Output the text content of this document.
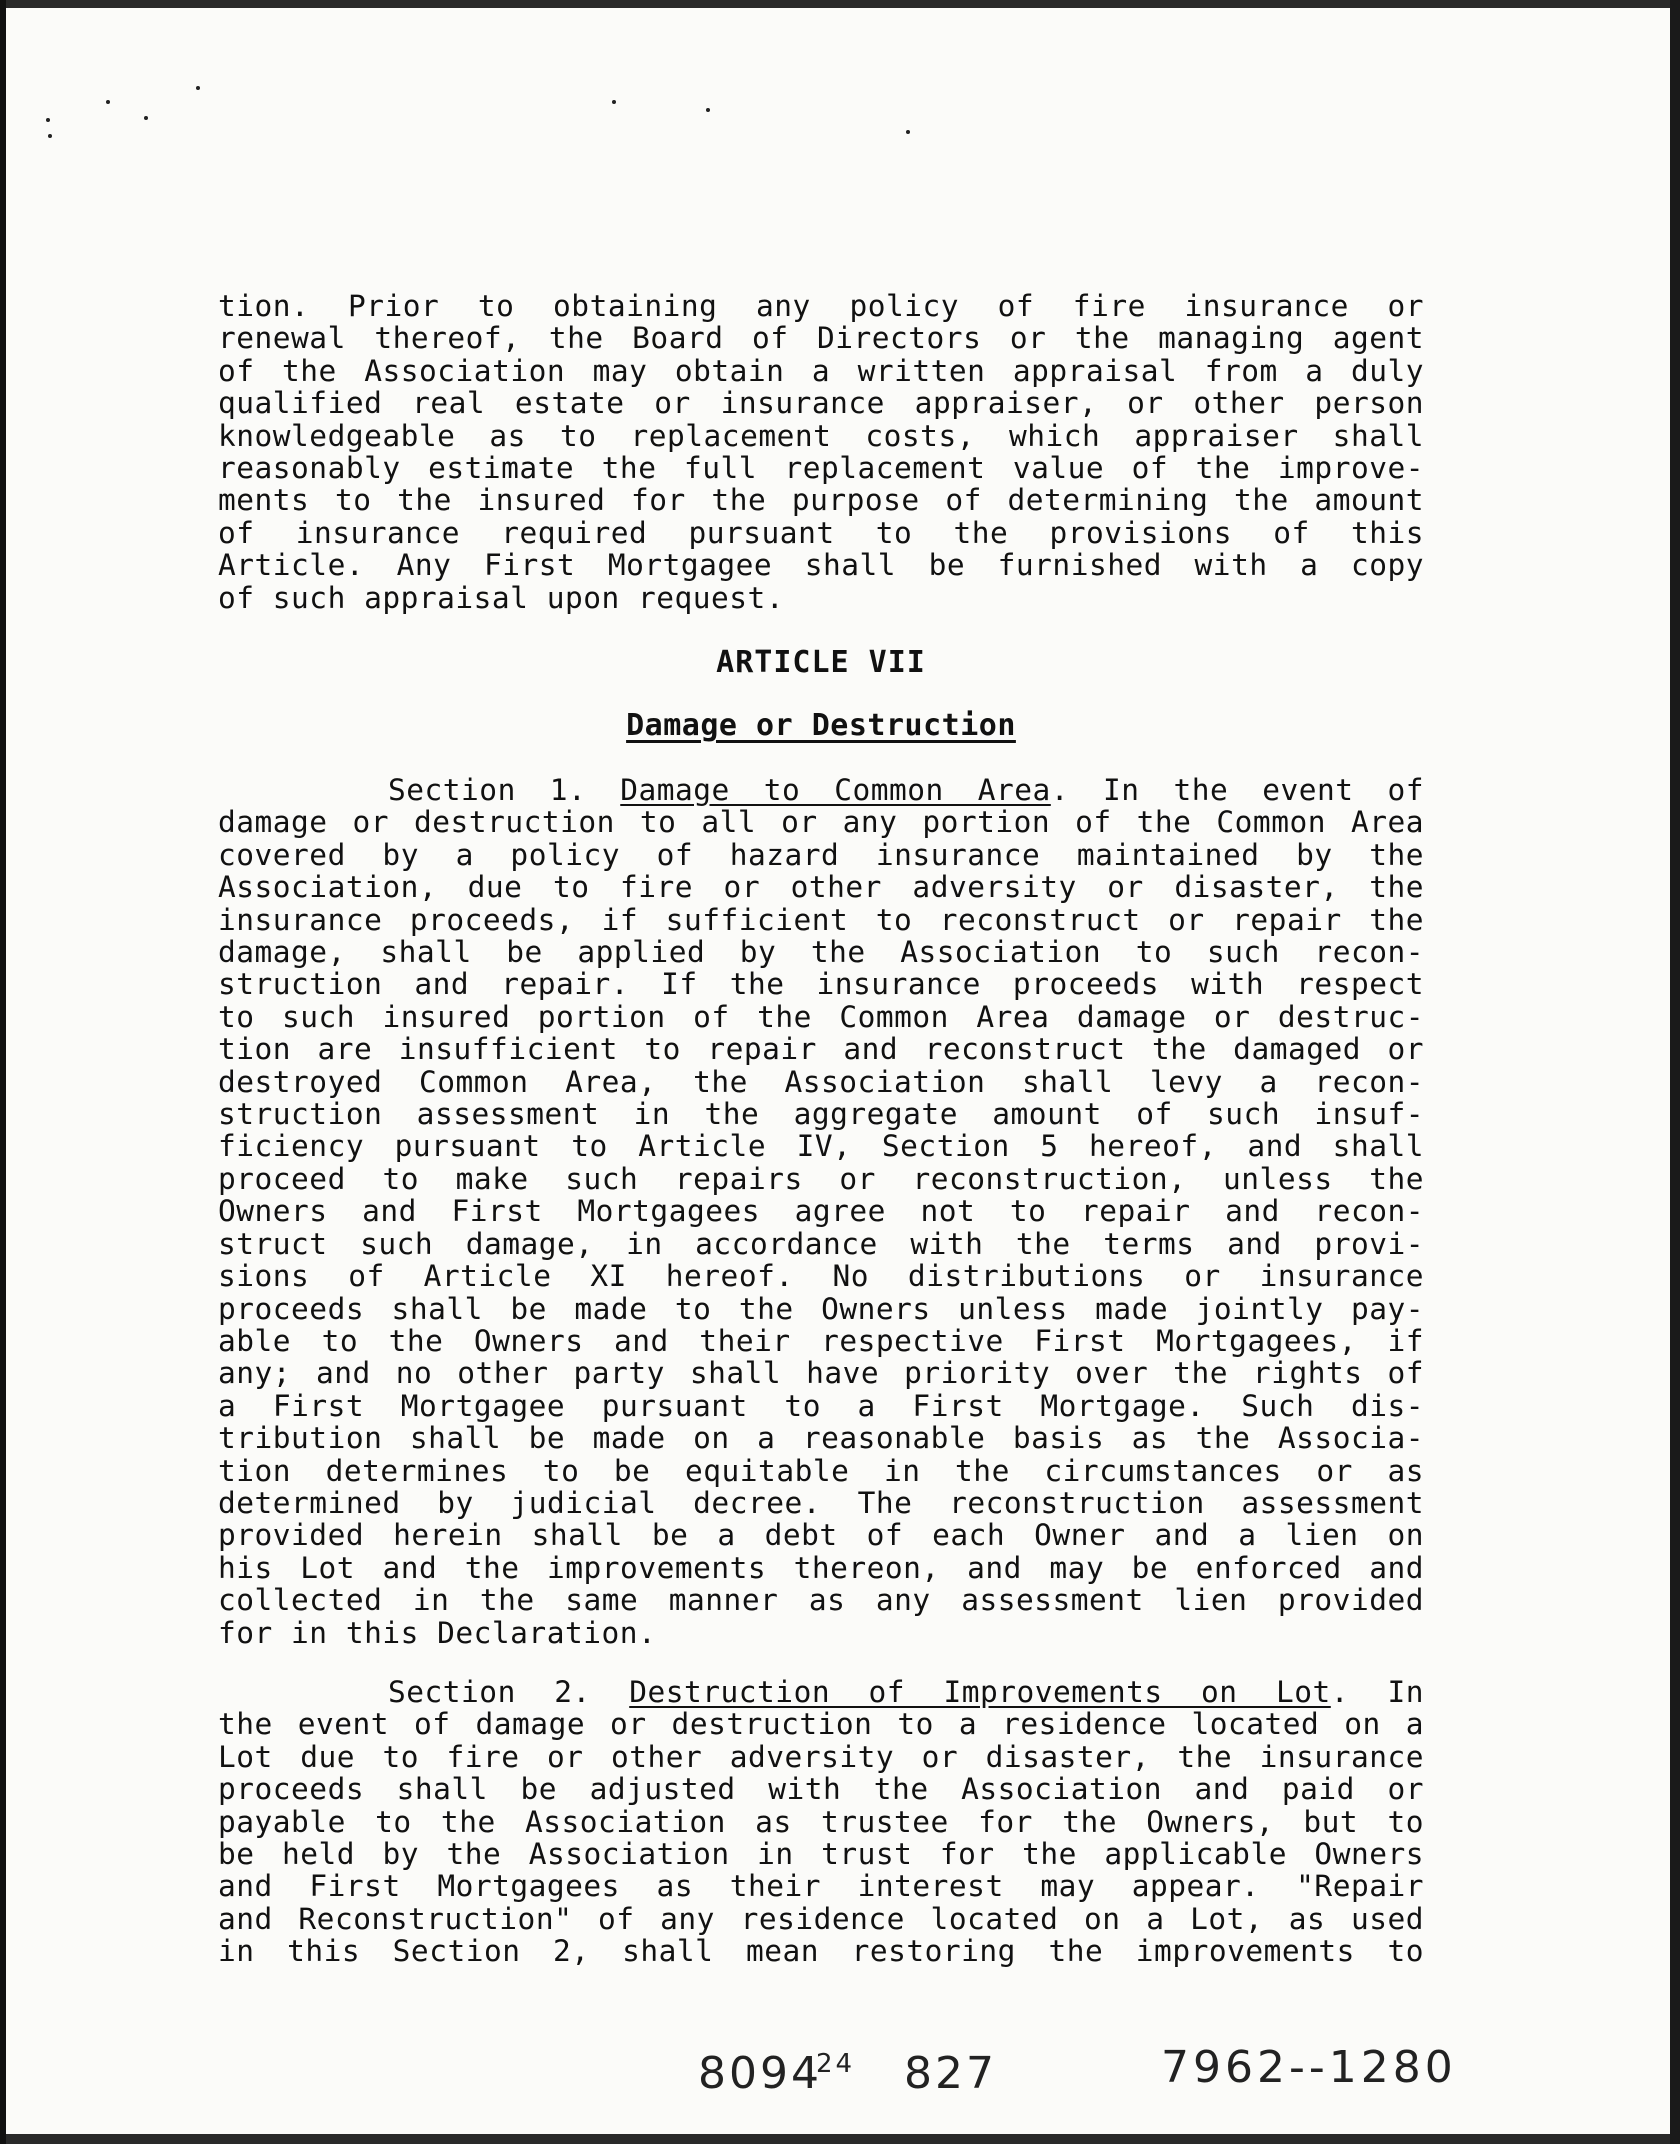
tion. Prior to obtaining any policy of fire insurance or
renewal thereof, the Board of Directors or the managing agent
of the Association may obtain a written appraisal from a duly
qualified real estate or insurance appraiser, or other person
knowledgeable as to replacement costs, which appraiser shall
reasonably estimate the full replacement value of the improve-
ments to the insured for the purpose of determining the amount
of insurance required pursuant to the provisions of this
Article. Any First Mortgagee shall be furnished with a copy
of such appraisal upon request.
ARTICLE VII
Damage or Destruction
Section 1. Damage to Common Area. In the event of
damage or destruction to all or any portion of the Common Area
covered by a policy of hazard insurance maintained by the
Association, due to fire or other adversity or disaster, the
insurance proceeds, if sufficient to reconstruct or repair the
damage, shall be applied by the Association to such recon-
struction and repair. If the insurance proceeds with respect
to such insured portion of the Common Area damage or destruc-
tion are insufficient to repair and reconstruct the damaged or
destroyed Common Area, the Association shall levy a recon-
struction assessment in the aggregate amount of such insuf-
ficiency pursuant to Article IV, Section 5 hereof, and shall
proceed to make such repairs or reconstruction, unless the
Owners and First Mortgagees agree not to repair and recon-
struct such damage, in accordance with the terms and provi-
sions of Article XI hereof. No distributions or insurance
proceeds shall be made to the Owners unless made jointly pay-
able to the Owners and their respective First Mortgagees, if
any; and no other party shall have priority over the rights of
a First Mortgagee pursuant to a First Mortgage. Such dis-
tribution shall be made on a reasonable basis as the Associa-
tion determines to be equitable in the circumstances or as
determined by judicial decree. The reconstruction assessment
provided herein shall be a debt of each Owner and a lien on
his Lot and the improvements thereon, and may be enforced and
collected in the same manner as any assessment lien provided
for in this Declaration.
Section 2. Destruction of Improvements on Lot. In
the event of damage or destruction to a residence located on a
Lot due to fire or other adversity or disaster, the insurance
proceeds shall be adjusted with the Association and paid or
payable to the Association as trustee for the Owners, but to
be held by the Association in trust for the applicable Owners
and First Mortgagees as their interest may appear. "Repair
and Reconstruction" of any residence located on a Lot, as used
in this Section 2, shall mean restoring the improvements to
8094$^{24}$ 827	7962--1280
